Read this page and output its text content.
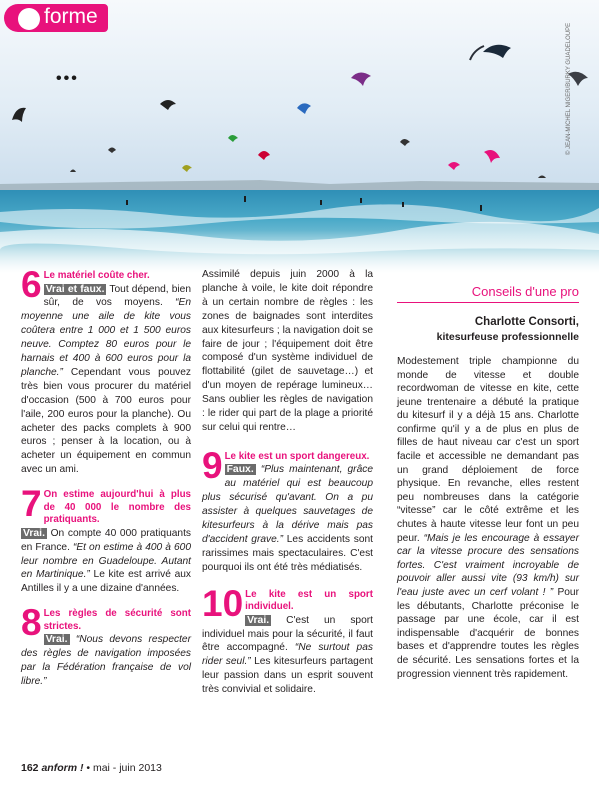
forme
•••	© JEAN-MICHEL NIGER/BURKY GUADELOUPE

6 Le matériel coûte cher.
Vrai et faux. Tout dépend, bien sûr, de vos moyens. “En moyenne une aile de kite vous coûtera entre 1 000 et 1 500 euros neuve. Comptez 80 euros pour le harnais et 400 à 600 euros pour la planche.” Cependant vous pouvez très bien vous procurer du matériel d'occasion (500 à 700 euros pour l'aile, 200 euros pour la planche). Ou acheter des packs complets à 900 euros ; penser à la location, ou à acheter un équipement en commun avec un ami.

7 On estime aujourd'hui à plus de 40 000 le nombre des pratiquants.
Vrai. On compte 40 000 pratiquants en France. “Et on estime à 400 à 600 leur nombre en Guadeloupe. Autant en Martinique.” Le kite est arrivé aux Antilles il y a une dizaine d'années.

8 Les règles de sécurité sont strictes.
Vrai. “Nous devons respecter des règles de navigation imposées par la Fédération française de vol libre.”

Assimilé depuis juin 2000 à la planche à voile, le kite doit répondre à un certain nombre de règles : les zones de baignades sont interdites aux kitesurfeurs ; la navigation doit se faire de jour ; l'équipement doit être composé d'un système individuel de flottabilité (gilet de sauvetage…) et d'un moyen de repérage lumineux… Sans oublier les règles de navigation : le rider qui part de la plage a priorité sur celui qui rentre…

9 Le kite est un sport dangereux.
Faux. “Plus maintenant, grâce au matériel qui est beaucoup plus sécurisé qu'avant. On a pu assister à quelques sauvetages de kitesurfeurs à la dérive mais pas d'accident grave.” Les accidents sont rarissimes mais spectaculaires. C'est pourquoi ils ont été très médiatisés.

10 Le kite est un sport individuel.
Vrai. C'est un sport individuel mais pour la sécurité, il faut être accompagné. “Ne surtout pas rider seul.” Les kitesurfeurs partagent leur passion dans un esprit souvent très convivial et solidaire.

Conseils d'une pro
Charlotte Consorti,
kitesurfeuse professionnelle

Modestement triple championne du monde de vitesse et double recordwoman de vitesse en kite, cette jeune trentenaire a débuté la pratique du kitesurf il y a déjà 15 ans. Charlotte confirme qu'il y a de plus en plus de filles de haut niveau car c'est un sport facile et accessible ne demandant pas un grand déploiement de force physique. En revanche, elles restent peu nombreuses dans la catégorie “vitesse” car le côté extrême et les chutes à haute vitesse leur font un peu peur. “Mais je les encourage à essayer car la vitesse procure des sensations fortes. C'est vraiment incroyable de pouvoir aller aussi vite (93 km/h) sur l'eau juste avec un cerf volant ! ” Pour les débutants, Charlotte préconise le passage par une école, car il est indispensable d'acquérir de bonnes bases et d'apprendre toutes les règles de sécurité. Les sensations fortes et la progression viennent très rapidement.

162 anform ! • mai - juin 2013
